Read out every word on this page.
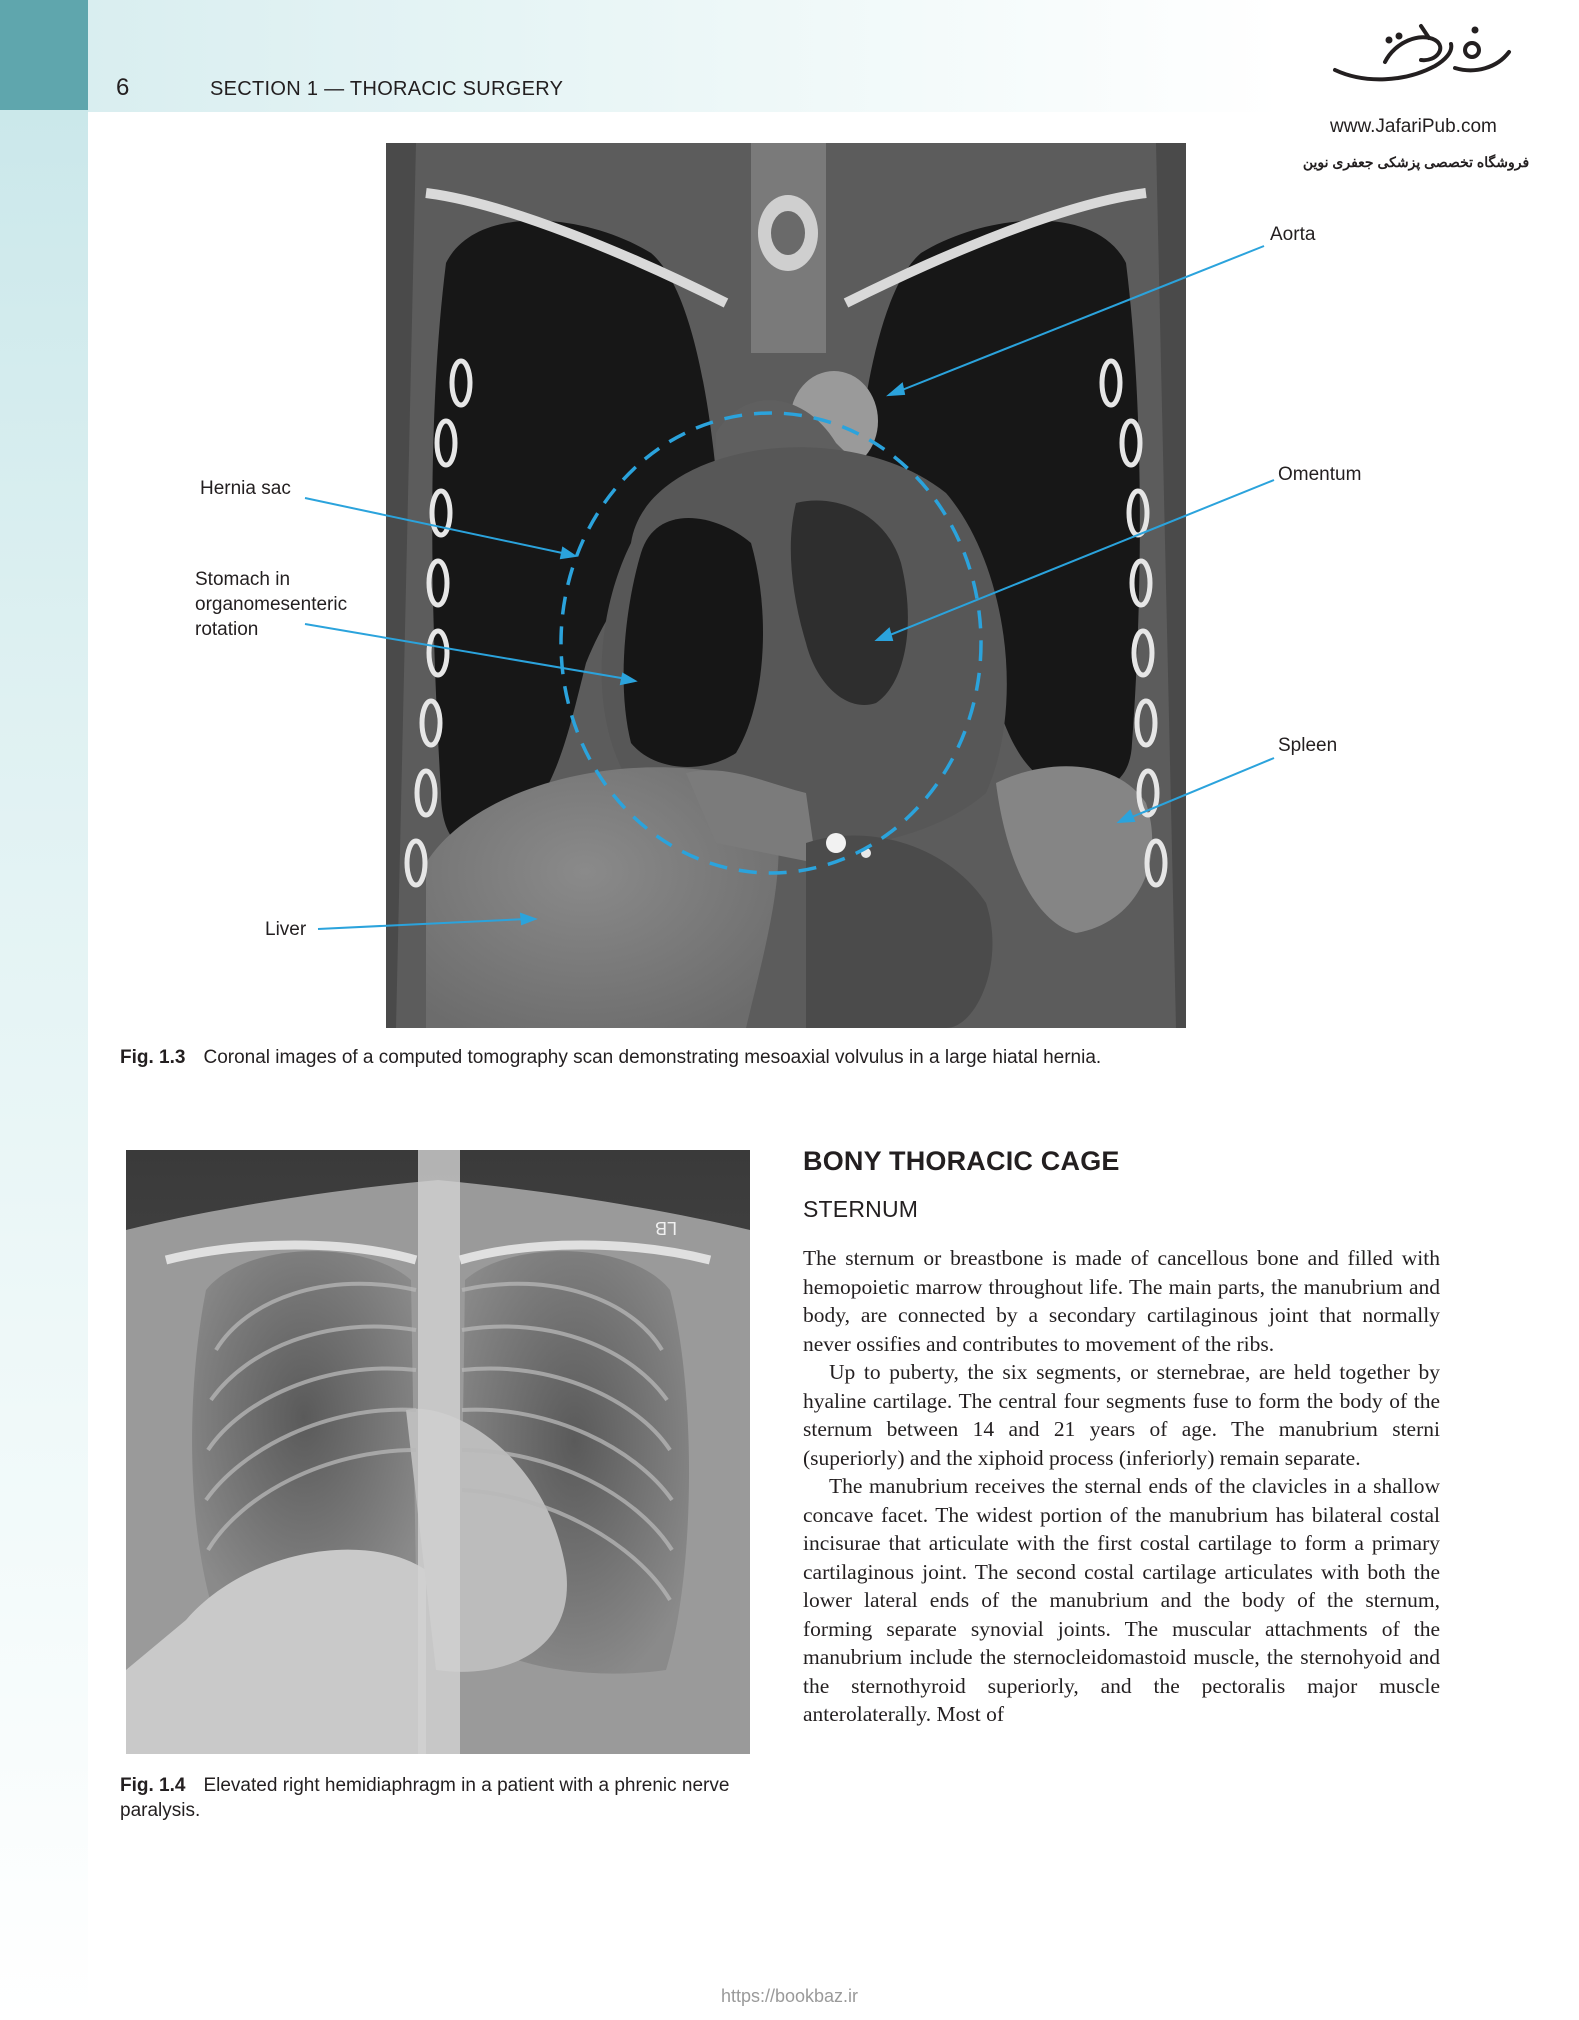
6	SECTION 1 — THORACIC SURGERY
www.JafariPub.com
فروشگاه تخصصی پزشکی جعفری نوین
Aorta
Omentum
Hernia sac
Stomach in
organomesenteric
rotation
Spleen
Liver
Fig. 1.3 Coronal images of a computed tomography scan demonstrating mesoaxial volvulus in a large hiatal hernia.
LB
Fig. 1.4 Elevated right hemidiaphragm in a patient with a phrenic nerve paralysis.
BONY THORACIC CAGE
STERNUM

The sternum or breastbone is made of cancellous bone and filled with hemopoietic marrow throughout life. The main parts, the manubrium and body, are connected by a secondary cartilaginous joint that normally never ossifies and contributes to movement of the ribs.

Up to puberty, the six segments, or sternebrae, are held together by hyaline cartilage. The central four segments fuse to form the body of the sternum between 14 and 21 years of age. The manubrium sterni (superiorly) and the xiphoid process (inferiorly) remain separate.

The manubrium receives the sternal ends of the clavicles in a shallow concave facet. The widest portion of the manubrium has bilateral costal incisurae that articulate with the first costal cartilage to form a primary cartilaginous joint. The second costal cartilage articulates with both the lower lateral ends of the manubrium and the body of the sternum, forming separate synovial joints. The muscular attachments of the manubrium include the sternocleidomastoid muscle, the sternohyoid and the sternothyroid superiorly, and the pectoralis major muscle anterolaterally. Most of

https://bookbaz.ir
